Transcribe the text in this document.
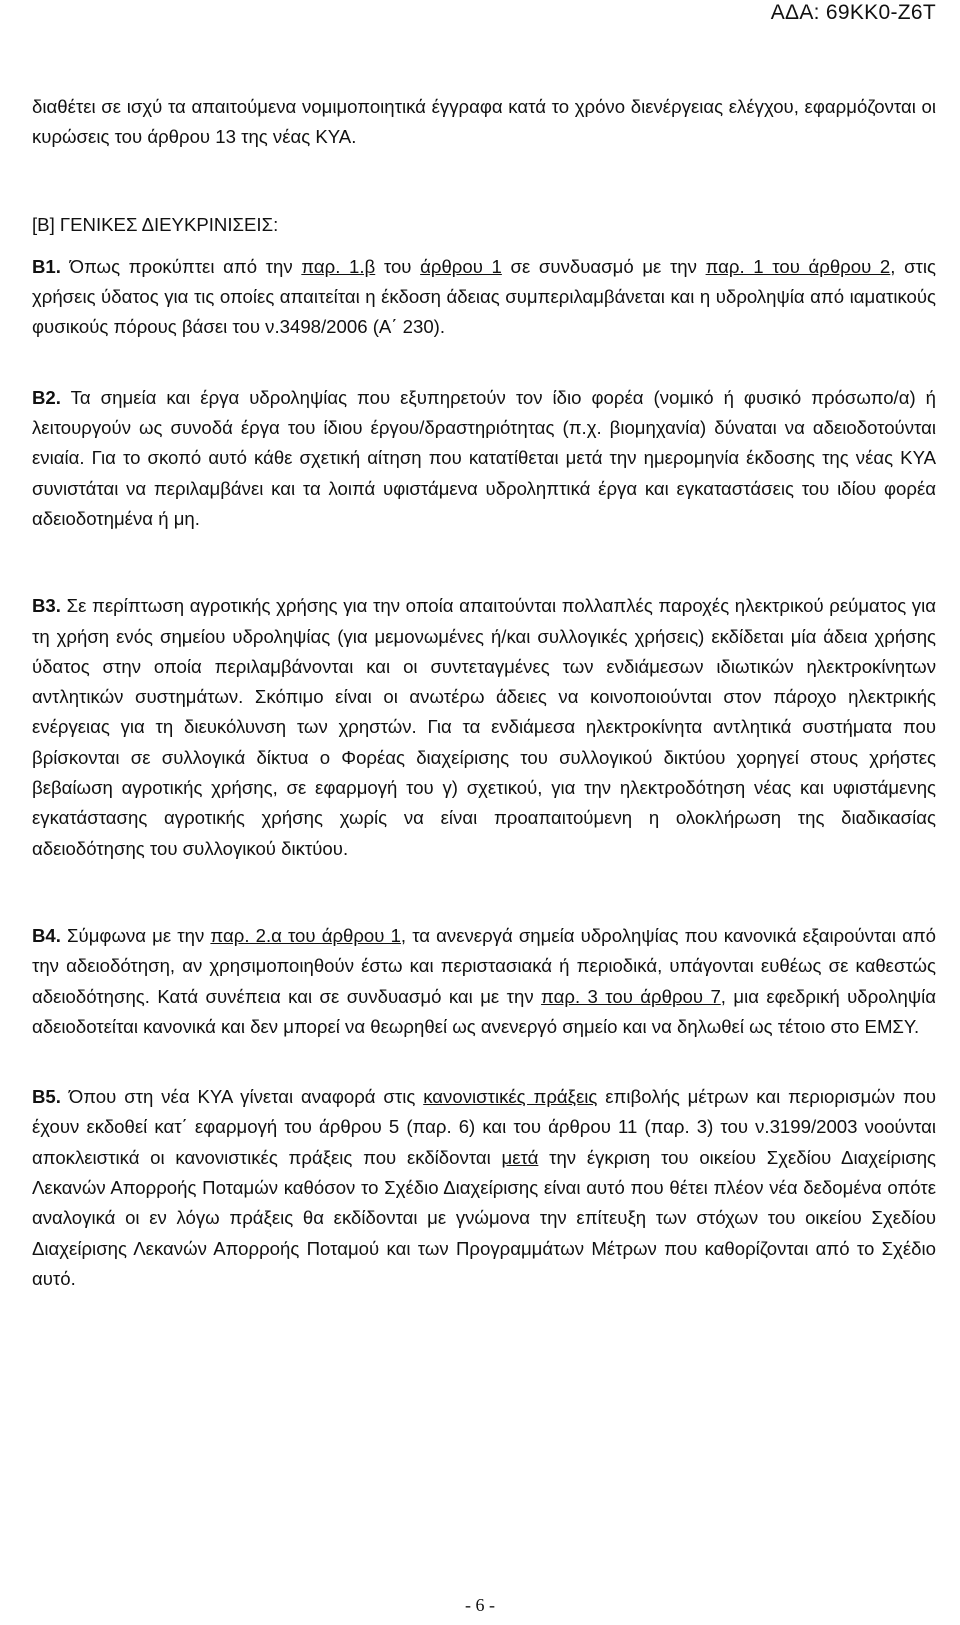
ΑΔΑ: 69ΚΚ0-Ζ6Τ

διαθέτει σε ισχύ τα απαιτούμενα νομιμοποιητικά έγγραφα κατά το χρόνο διενέργειας ελέγχου, εφαρμόζονται οι κυρώσεις του άρθρου 13 της νέας ΚΥΑ.

[Β] ΓΕΝΙΚΕΣ ΔΙΕΥΚΡΙΝΙΣΕΙΣ:

Β1. Όπως προκύπτει από την παρ. 1.β του άρθρου 1 σε συνδυασμό με την παρ. 1 του άρθρου 2, στις χρήσεις ύδατος για τις οποίες απαιτείται η έκδοση άδειας συμπεριλαμβάνεται και η υδροληψία από ιαματικούς φυσικούς πόρους βάσει του ν.3498/2006 (Α΄ 230).

Β2. Τα σημεία και έργα υδροληψίας που εξυπηρετούν τον ίδιο φορέα (νομικό ή φυσικό πρόσωπο/α) ή λειτουργούν ως συνοδά έργα του ίδιου έργου/δραστηριότητας (π.χ. βιομηχανία) δύναται να αδειοδοτούνται ενιαία. Για το σκοπό αυτό κάθε σχετική αίτηση που κατατίθεται μετά την ημερομηνία έκδοσης της νέας ΚΥΑ συνιστάται να περιλαμβάνει και τα λοιπά υφιστάμενα υδροληπτικά έργα και εγκαταστάσεις του ιδίου φορέα αδειοδοτημένα ή μη.

Β3. Σε περίπτωση αγροτικής χρήσης για την οποία απαιτούνται πολλαπλές παροχές ηλεκτρικού ρεύματος για τη χρήση ενός σημείου υδροληψίας (για μεμονωμένες ή/και συλλογικές χρήσεις) εκδίδεται μία άδεια χρήσης ύδατος στην οποία περιλαμβάνονται και οι συντεταγμένες των ενδιάμεσων ιδιωτικών ηλεκτροκίνητων αντλητικών συστημάτων. Σκόπιμο είναι οι ανωτέρω άδειες να κοινοποιούνται στον πάροχο ηλεκτρικής ενέργειας για τη διευκόλυνση των χρηστών. Για τα ενδιάμεσα ηλεκτροκίνητα αντλητικά συστήματα που βρίσκονται σε συλλογικά δίκτυα ο Φορέας διαχείρισης του συλλογικού δικτύου χορηγεί στους χρήστες βεβαίωση αγροτικής χρήσης, σε εφαρμογή του γ) σχετικού, για την ηλεκτροδότηση νέας και υφιστάμενης εγκατάστασης αγροτικής χρήσης χωρίς να είναι προαπαιτούμενη η ολοκλήρωση της διαδικασίας αδειοδότησης του συλλογικού δικτύου.

Β4. Σύμφωνα με την παρ. 2.α του άρθρου 1, τα ανενεργά σημεία υδροληψίας που κανονικά εξαιρούνται από την αδειοδότηση, αν χρησιμοποιηθούν έστω και περιστασιακά ή περιοδικά, υπάγονται ευθέως σε καθεστώς αδειοδότησης. Κατά συνέπεια και σε συνδυασμό και με την παρ. 3 του άρθρου 7, μια εφεδρική υδροληψία αδειοδοτείται κανονικά και δεν μπορεί να θεωρηθεί ως ανενεργό σημείο και να δηλωθεί ως τέτοιο στο ΕΜΣΥ.

Β5. Όπου στη νέα ΚΥΑ γίνεται αναφορά στις κανονιστικές πράξεις επιβολής μέτρων και περιορισμών που έχουν εκδοθεί κατ΄ εφαρμογή του άρθρου 5 (παρ. 6) και του άρθρου 11 (παρ. 3) του ν.3199/2003 νοούνται αποκλειστικά οι κανονιστικές πράξεις που εκδίδονται μετά την έγκριση του οικείου Σχεδίου Διαχείρισης Λεκανών Απορροής Ποταμών καθόσον το Σχέδιο Διαχείρισης είναι αυτό που θέτει πλέον νέα δεδομένα οπότε αναλογικά οι εν λόγω πράξεις θα εκδίδονται με γνώμονα την επίτευξη των στόχων του οικείου Σχεδίου Διαχείρισης Λεκανών Απορροής Ποταμού και των Προγραμμάτων Μέτρων που καθορίζονται από το Σχέδιο αυτό.

- 6 -
